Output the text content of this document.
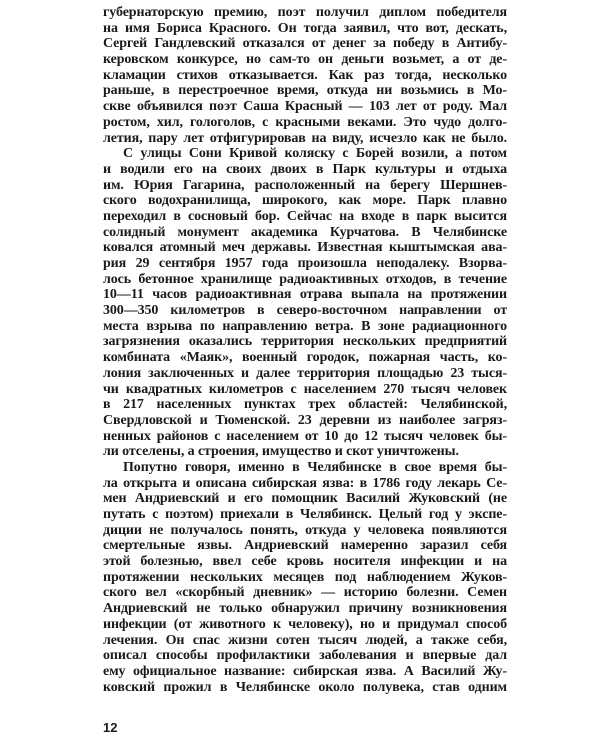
губернаторскую премию, поэт получил диплом победителя
на имя Бориса Красного. Он тогда заявил, что вот, дескать,
Сергей Гандлевский отказался от денег за победу в Антибу-
керовском конкурсе, но сам-то он деньги возьмет, а от де-
кламации стихов отказывается. Как раз тогда, несколько
раньше, в перестроечное время, откуда ни возьмись в Мо-
скве объявился поэт Саша Красный — 103 лет от роду. Мал
ростом, хил, гологолов, с красными веками. Это чудо долго-
летия, пару лет отфигурировав на виду, исчезло как не было.
С улицы Сони Кривой коляску с Борей возили, а потом
и водили его на своих двоих в Парк культуры и отдыха
им. Юрия Гагарина, расположенный на берегу Шершнев-
ского водохранилища, широкого, как море. Парк плавно
переходил в сосновый бор. Сейчас на входе в парк высится
солидный монумент академика Курчатова. В Челябинске
ковался атомный меч державы. Известная кыштымская ава-
рия 29 сентября 1957 года произошла неподалеку. Взорва-
лось бетонное хранилище радиоактивных отходов, в течение
10—11 часов радиоактивная отрава выпала на протяжении
300—350 километров в северо-восточном направлении от
места взрыва по направлению ветра. В зоне радиационного
загрязнения оказались территория нескольких предприятий
комбината «Маяк», военный городок, пожарная часть, ко-
лония заключенных и далее территория площадью 23 тыся-
чи квадратных километров с населением 270 тысяч человек
в 217 населенных пунктах трех областей: Челябинской,
Свердловской и Тюменской. 23 деревни из наиболее загряз-
ненных районов с населением от 10 до 12 тысяч человек бы-
ли отселены, а строения, имущество и скот уничтожены.
Попутно говоря, именно в Челябинске в свое время бы-
ла открыта и описана сибирская язва: в 1786 году лекарь Се-
мен Андриевский и его помощник Василий Жуковский (не
путать с поэтом) приехали в Челябинск. Целый год у экспе-
диции не получалось понять, откуда у человека появляются
смертельные язвы. Андриевский намеренно заразил себя
этой болезнью, ввел себе кровь носителя инфекции и на
протяжении нескольких месяцев под наблюдением Жуков-
ского вел «скорбный дневник» — историю болезни. Семен
Андриевский не только обнаружил причину возникновения
инфекции (от животного к человеку), но и придумал способ
лечения. Он спас жизни сотен тысяч людей, а также себя,
описал способы профилактики заболевания и впервые дал
ему официальное название: сибирская язва. А Василий Жу-
ковский прожил в Челябинске около полувека, став одним
12
